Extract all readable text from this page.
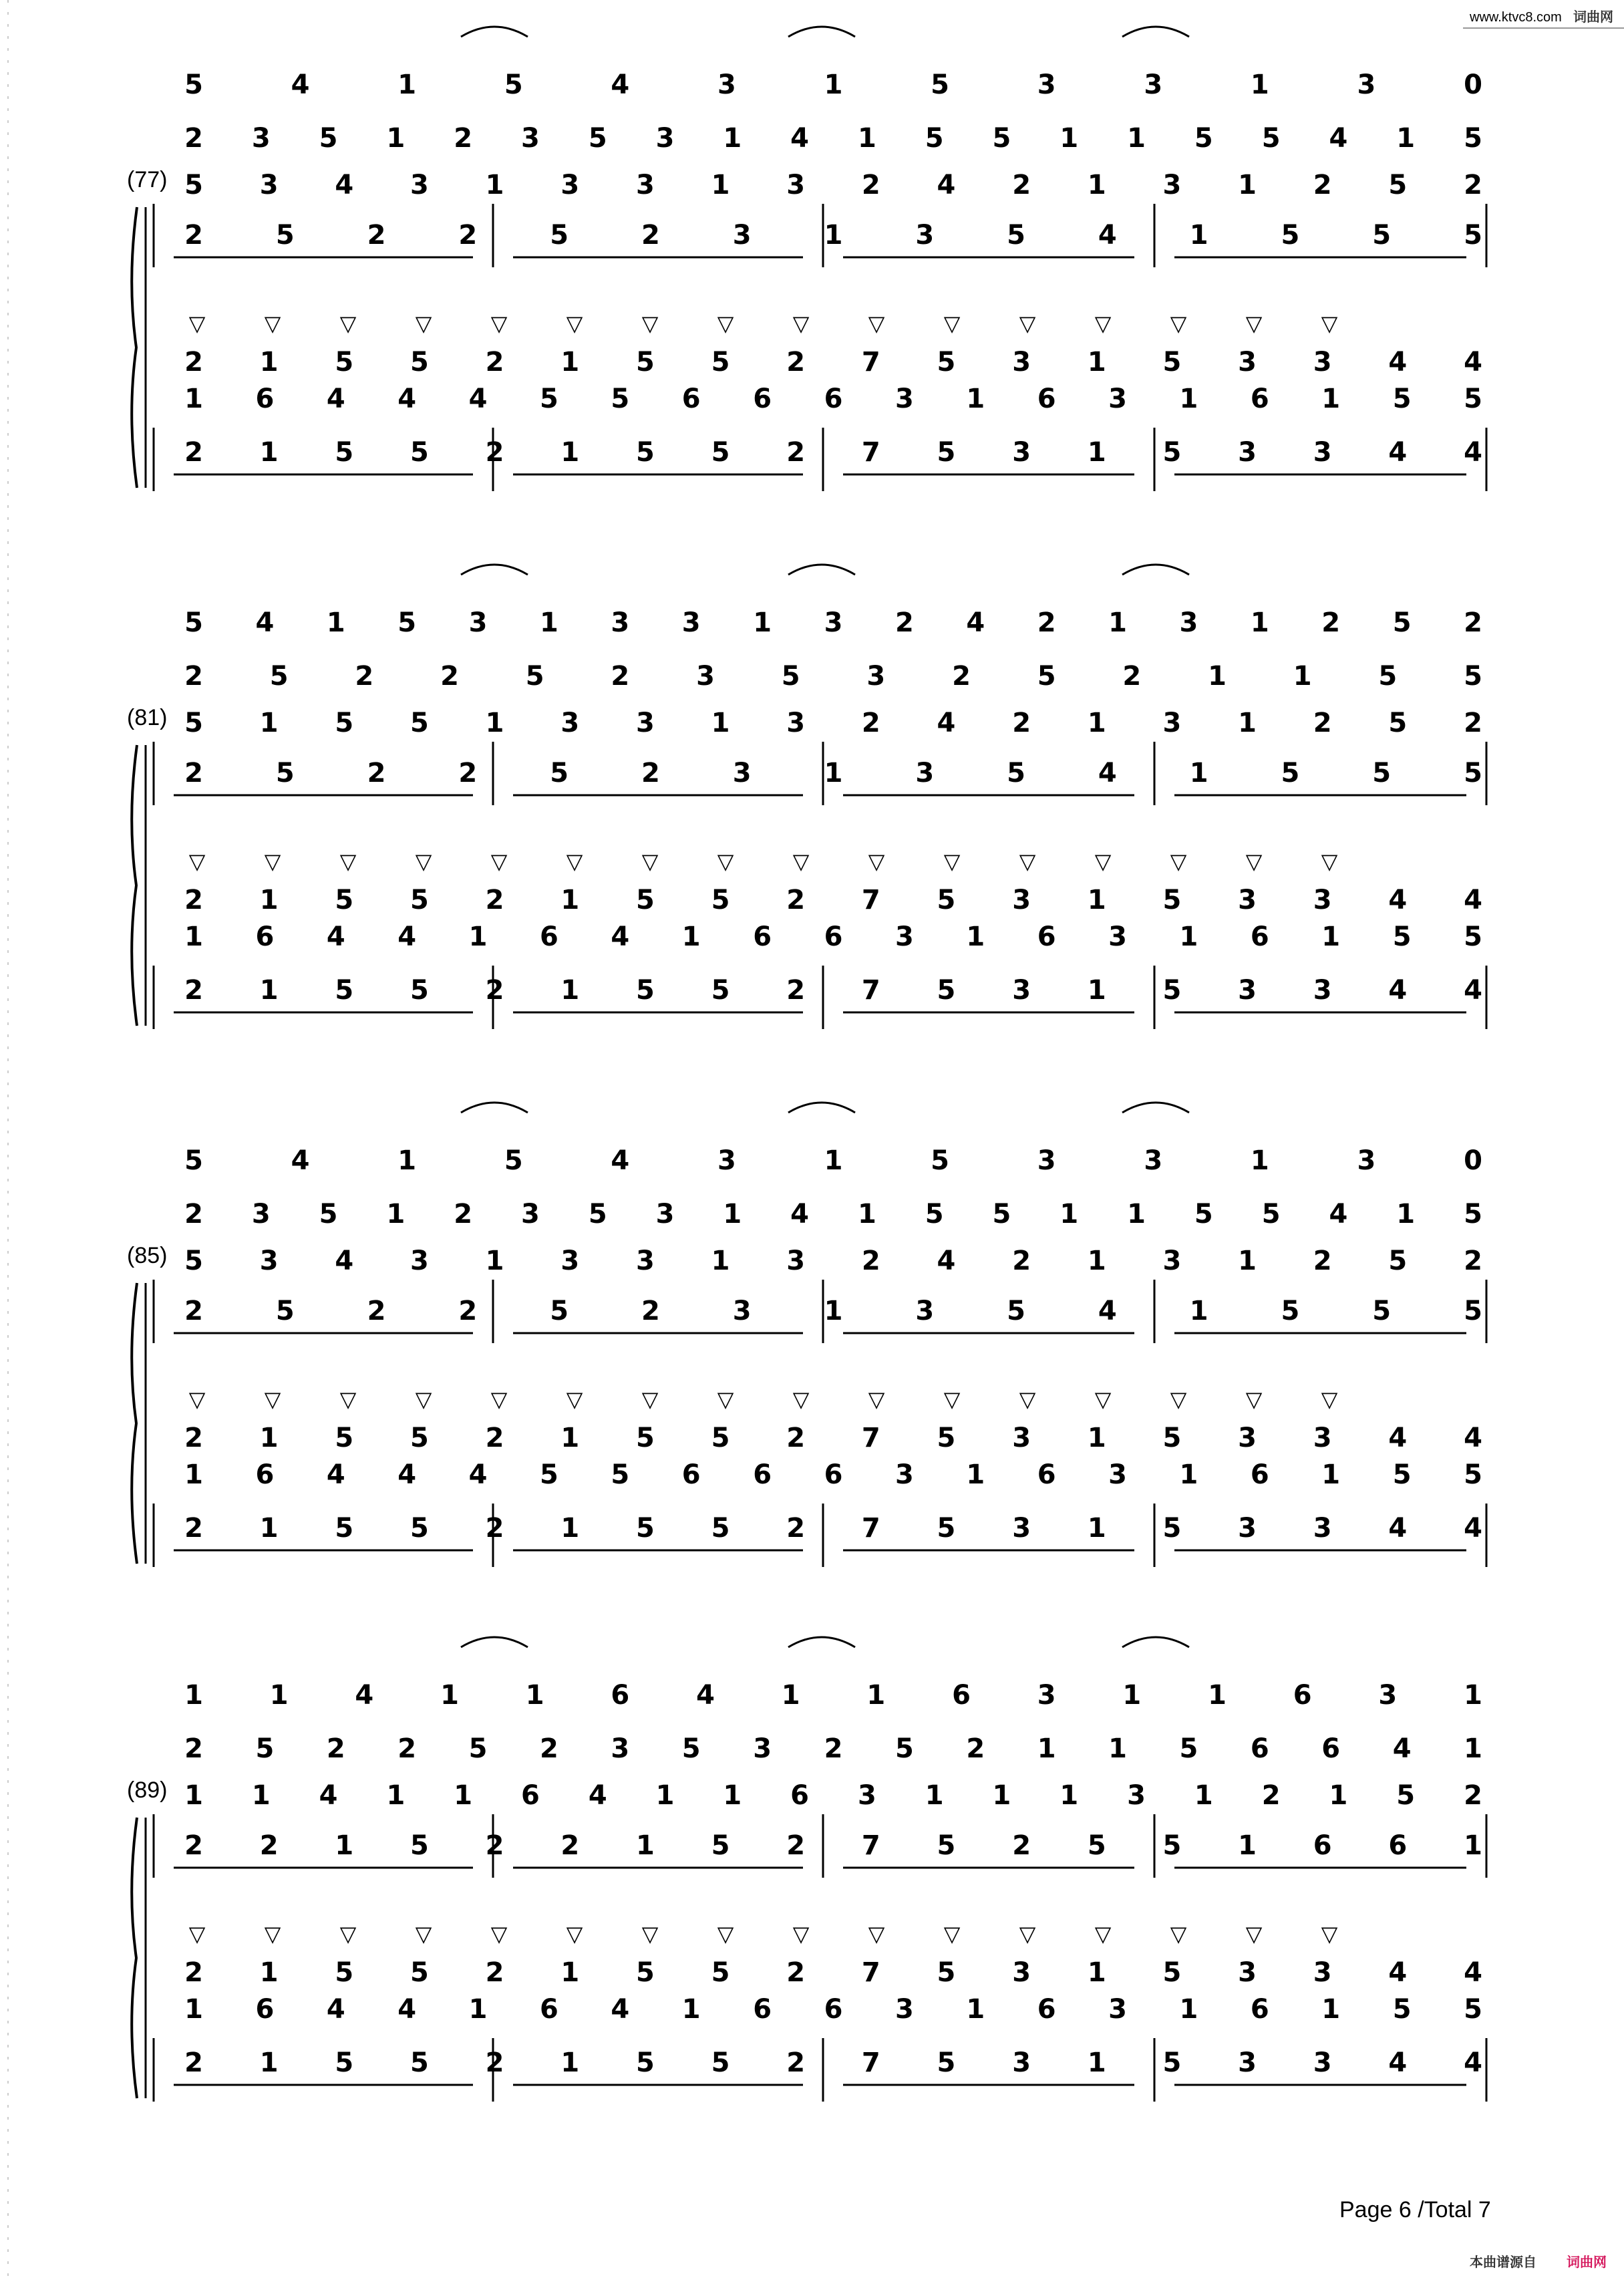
www.ktvc8.com 词曲网
(77)
2 3 5 1 2 3 5 3 1 4 1 5 5 1 1 5 5 4 1 5
5 3 4 3 1 3 3 1 3 2 4 2 1 3 1 2 5 2
2	5	2	2	5	2	3	1	3	5	4	1	5	5	5
5	4	1	5	4	3	1	5	3	3	1	3	0
▽	▽	▽	▽	▽	▽	▽	▽	▽	▽	▽	▽	▽	▽	▽	▽
2 1 5 5 2 1 5 5 2 7 5 3 1 5 3 3 4 4
1 6 4 4 4 5 5 6 6 6 3 1 6 3 1 6 1 5 5
2 1 5 5 2 1 5 5 2 7 5 3 1 5 3 3 4 4
(81)
2 5 2 2 5 2 3 5 3 2 5 2 1 1 5 5
5 1 5 5 1 3 3 1 3 2 4 2 1 3 1 2 5 2
2	5	2	2	5	2	3	1	3	5	4	1	5	5	5
5 4 1 5 3 1 3 3 1 3 2 4 2 1 3 1 2 5 2
▽	▽	▽	▽	▽	▽	▽	▽	▽	▽	▽	▽	▽	▽	▽	▽
2 1 5 5 2 1 5 5 2 7 5 3 1 5 3 3 4 4
1 6 4 4 1 6 4 1 6 6 3 1 6 3 1 6 1 5 5
2 1 5 5 2 1 5 5 2 7 5 3 1 5 3 3 4 4
(85)
2 3 5 1 2 3 5 3 1 4 1 5 5 1 1 5 5 4 1 5
5 3 4 3 1 3 3 1 3 2 4 2 1 3 1 2 5 2
2	5	2	2	5	2	3	1	3	5	4	1	5	5	5
5	4	1	5	4	3	1	5	3	3	1	3	0
▽	▽	▽	▽	▽	▽	▽	▽	▽	▽	▽	▽	▽	▽	▽	▽
2 1 5 5 2 1 5 5 2 7 5 3 1 5 3 3 4 4
1 6 4 4 4 5 5 6 6 6 3 1 6 3 1 6 1 5 5
2 1 5 5 2 1 5 5 2 7 5 3 1 5 3 3 4 4
(89)
2 5 2 2 5 2 3 5 3 2 5 2 1 1 5 6 6 4 1
1 1 4 1 1 6 4 1 1 6 3 1 1 1 3 1 2 1 5 2
2 2 1 5 2 2 1 5 2 7 5 2 5 5 1 6 6 1
1 1 4 1 1 6 4 1 1 6 3 1 1 6 3 1
▽	▽	▽	▽	▽	▽	▽	▽	▽	▽	▽	▽	▽	▽	▽	▽
2 1 5 5 2 1 5 5 2 7 5 3 1 5 3 3 4 4
1 6 4 4 1 6 4 1 6 6 3 1 6 3 1 6 1 5 5
2 1 5 5 2 1 5 5 2 7 5 3 1 5 3 3 4 4
Page 6 /Total 7
本曲谱源自 词曲网
